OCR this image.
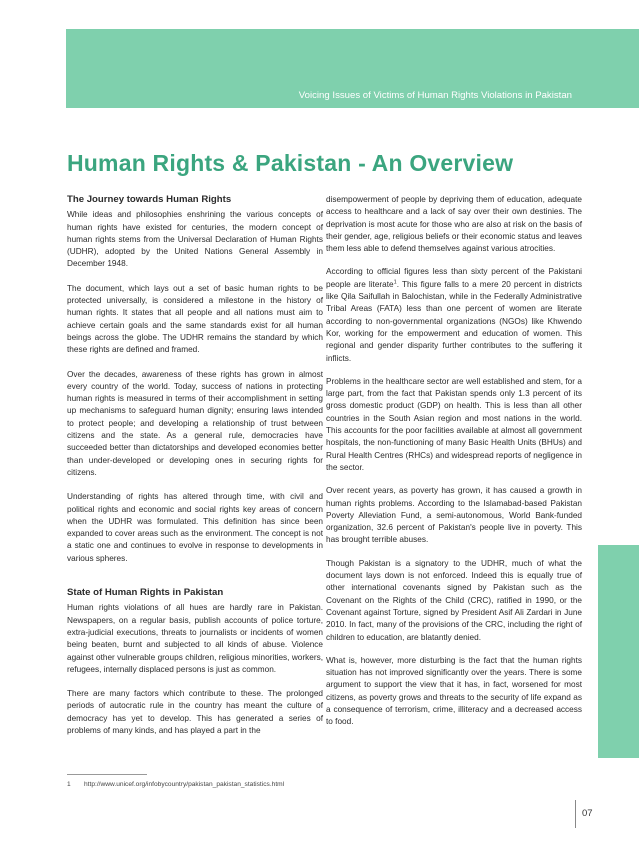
Voicing Issues of Victims of Human Rights Violations in Pakistan
Human Rights & Pakistan - An Overview
The Journey towards Human Rights

While ideas and philosophies enshrining the various concepts of human rights have existed for centuries, the modern concept of human rights stems from the Universal Declaration of Human Rights (UDHR), adopted by the United Nations General Assembly in December 1948.

The document, which lays out a set of basic human rights to be protected universally, is considered a milestone in the history of human rights. It states that all people and all nations must aim to achieve certain goals and the same standards exist for all human beings across the globe. The UDHR remains the standard by which these rights are defined and framed.

Over the decades, awareness of these rights has grown in almost every country of the world. Today, success of nations in protecting human rights is measured in terms of their accomplishment in setting up mechanisms to safeguard human dignity; ensuring laws intended to protect people; and developing a relationship of trust between citizens and the state. As a general rule, democracies have succeeded better than dictatorships and developed economies better than under-developed or developing ones in securing rights for citizens.

Understanding of rights has altered through time, with civil and political rights and economic and social rights key areas of concern when the UDHR was formulated. This definition has since been expanded to cover areas such as the environment. The concept is not a static one and continues to evolve in response to developments in various spheres.

State of Human Rights in Pakistan

Human rights violations of all hues are hardly rare in Pakistan. Newspapers, on a regular basis, publish accounts of police torture, extra-judicial executions, threats to journalists or incidents of women being beaten, burnt and subjected to all kinds of abuse. Violence against other vulnerable groups children, religious minorities, workers, refugees, internally displaced persons is just as common.

There are many factors which contribute to these. The prolonged periods of autocratic rule in the country has meant the culture of democracy has yet to develop. This has generated a series of problems of many kinds, and has played a part in the

disempowerment of people by depriving them of education, adequate access to healthcare and a lack of say over their own destinies. The deprivation is most acute for those who are also at risk on the basis of their gender, age, religious beliefs or their economic status and leaves them less able to defend themselves against various atrocities.

According to official figures less than sixty percent of the Pakistani people are literate$^1$. This figure falls to a mere 20 percent in districts like Qila Saifullah in Balochistan, while in the Federally Administrative Tribal Areas (FATA) less than one percent of women are literate according to non-governmental organizations (NGOs) like Khwendo Kor, working for the empowerment and education of women. This regional and gender disparity further contributes to the suffering it inflicts.

Problems in the healthcare sector are well established and stem, for a large part, from the fact that Pakistan spends only 1.3 percent of its gross domestic product (GDP) on health. This is less than all other countries in the South Asian region and most nations in the world. This accounts for the poor facilities available at almost all government hospitals, the non-functioning of many Basic Health Units (BHUs) and Rural Health Centres (RHCs) and widespread reports of negligence in the sector.

Over recent years, as poverty has grown, it has caused a growth in human rights problems. According to the Islamabad-based Pakistan Poverty Alleviation Fund, a semi-autonomous, World Bank-funded organization, 32.6 percent of Pakistan's people live in poverty. This has brought terrible abuses.

Though Pakistan is a signatory to the UDHR, much of what the document lays down is not enforced. Indeed this is equally true of other international covenants signed by Pakistan such as the Covenant on the Rights of the Child (CRC), ratified in 1990, or the Covenant against Torture, signed by President Asif Ali Zardari in June 2010. In fact, many of the provisions of the CRC, including the right of children to education, are blatantly denied.

What is, however, more disturbing is the fact that the human rights situation has not improved significantly over the years. There is some argument to support the view that it has, in fact, worsened for most citizens, as poverty grows and threats to the security of life expand as a consequence of terrorism, crime, illiteracy and a decreased access to food.

1 http://www.unicef.org/infobycountry/pakistan_pakistan_statistics.html
07
